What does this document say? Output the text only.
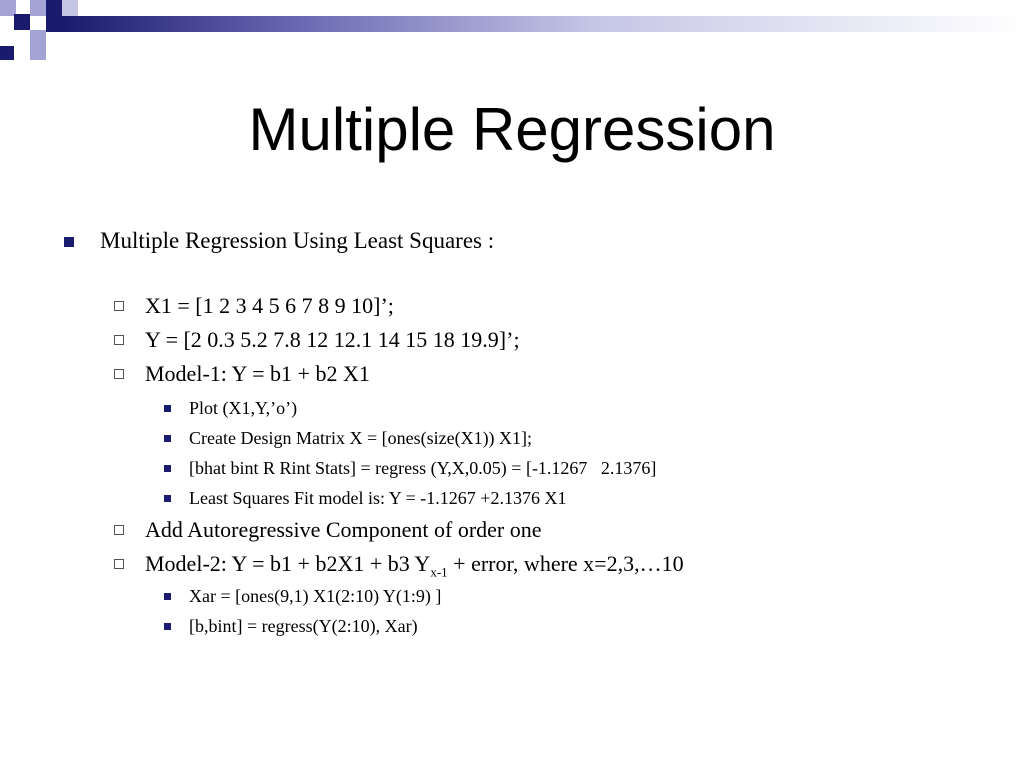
Multiple Regression
Multiple Regression Using Least Squares :
X1 = [1 2 3 4 5 6 7 8 9 10]’;
Y = [2 0.3 5.2 7.8 12 12.1 14 15 18 19.9]’;
Model-1: Y = b1 + b2 X1
Plot (X1,Y,’o’)
Create Design Matrix X = [ones(size(X1)) X1];
[bhat bint R Rint Stats] = regress (Y,X,0.05) = [-1.1267   2.1376]
Least Squares Fit model is: Y = -1.1267 +2.1376 X1
Add Autoregressive Component of order one
Model-2: Y = b1 + b2X1 + b3 $Y_{x-1}$ + error, where x=2,3,…10
Xar = [ones(9,1) X1(2:10) Y(1:9) ]
[b,bint] = regress(Y(2:10), Xar)
